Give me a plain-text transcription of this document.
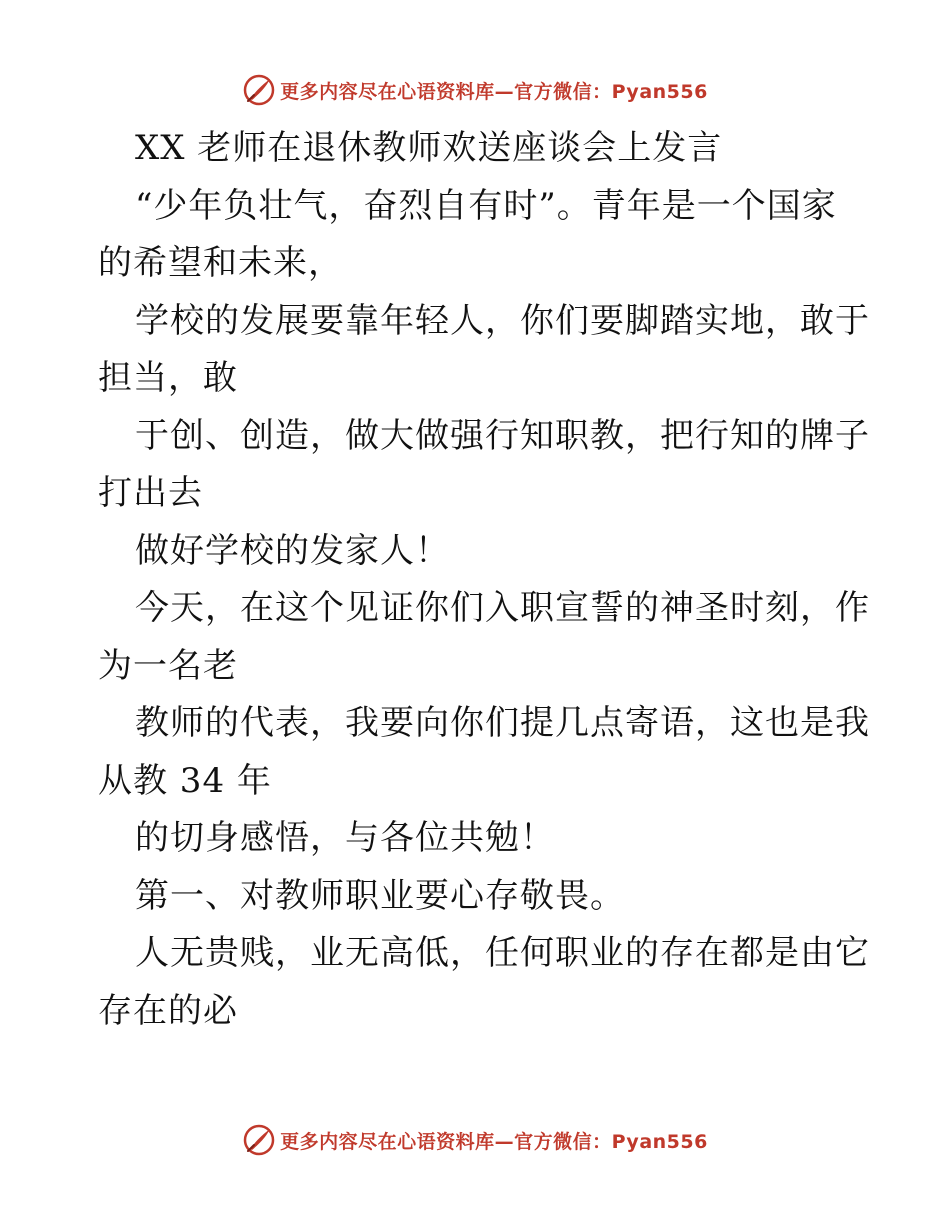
更多内容尽在心语资料库—官方微信：Pyan556
XX 老师在退休教师欢送座谈会上发言
“少年负壮气，奋烈自有时”。青年是一个国家
的希望和未来，
学校的发展要靠年轻人，你们要脚踏实地，敢于
担当，敢
于创、创造，做大做强行知职教，把行知的牌子
打出去
做好学校的发家人！
今天，在这个见证你们入职宣誓的神圣时刻，作
为一名老
教师的代表，我要向你们提几点寄语，这也是我
从教 34 年
的切身感悟，与各位共勉！
第一、对教师职业要心存敬畏。
人无贵贱，业无高低，任何职业的存在都是由它
存在的必
更多内容尽在心语资料库—官方微信：Pyan556
